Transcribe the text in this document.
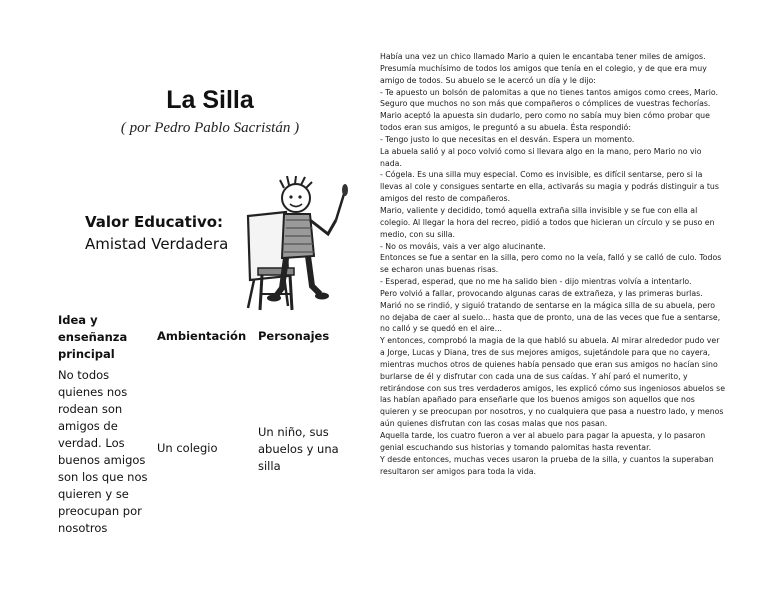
La Silla
( por Pedro Pablo Sacristán )
Valor Educativo:
Amistad Verdadera
Idea y enseñanza principal
Ambientación	Personajes
No todos quienes nos rodean son amigos de verdad. Los buenos amigos son los que nos quieren y se preocupan por nosotros
Un colegio
Un niño, sus abuelos y una silla

Había una vez un chico llamado Mario a quien le encantaba tener miles de amigos. Presumía muchísimo de todos los amigos que tenía en el colegio, y de que era muy amigo de todos. Su abuelo se le acercó un día y le dijo:

- Te apuesto un bolsón de palomitas a que no tienes tantos amigos como crees, Mario. Seguro que muchos no son más que compañeros o cómplices de vuestras fechorías.

Mario aceptó la apuesta sin dudarlo, pero como no sabía muy bien cómo probar que todos eran sus amigos, le preguntó a su abuela. Ésta respondió:

- Tengo justo lo que necesitas en el desván. Espera un momento.

La abuela salió y al poco volvió como si llevara algo en la mano, pero Mario no vio nada.

- Cógela. Es una silla muy especial. Como es invisible, es difícil sentarse, pero si la llevas al cole y consigues sentarte en ella, activarás su magia y podrás distinguir a tus amigos del resto de compañeros.

Mario, valiente y decidido, tomó aquella extraña silla invisible y se fue con ella al colegio. Al llegar la hora del recreo, pidió a todos que hicieran un círculo y se puso en medio, con su silla.

- No os mováis, vais a ver algo alucinante.

Entonces se fue a sentar en la silla, pero como no la veía, falló y se calló de culo. Todos se echaron unas buenas risas.

- Esperad, esperad, que no me ha salido bien - dijo mientras volvía a intentarlo.

Pero volvió a fallar, provocando algunas caras de extrañeza, y las primeras burlas. Marió no se rindió, y siguió tratando de sentarse en la mágica silla de su abuela, pero no dejaba de caer al suelo... hasta que de pronto, una de las veces que fue a sentarse, no calló y se quedó en el aire...

Y entonces, comprobó la magia de la que habló su abuela. Al mirar alrededor pudo ver a Jorge, Lucas y Diana, tres de sus mejores amigos, sujetándole para que no cayera, mientras muchos otros de quienes había pensado que eran sus amigos no hacían sino burlarse de él y disfrutar con cada una de sus caídas. Y ahí paró el numerito, y retirándose con sus tres verdaderos amigos, les explicó cómo sus ingeniosos abuelos se las habían apañado para enseñarle que los buenos amigos son aquellos que nos quieren y se preocupan por nosotros, y no cualquiera que pasa a nuestro lado, y menos aún quienes disfrutan con las cosas malas que nos pasan.

Aquella tarde, los cuatro fueron a ver al abuelo para pagar la apuesta, y lo pasaron genial escuchando sus historias y tomando palomitas hasta reventar.

Y desde entonces, muchas veces usaron la prueba de la silla, y cuantos la superaban resultaron ser amigos para toda la vida.
